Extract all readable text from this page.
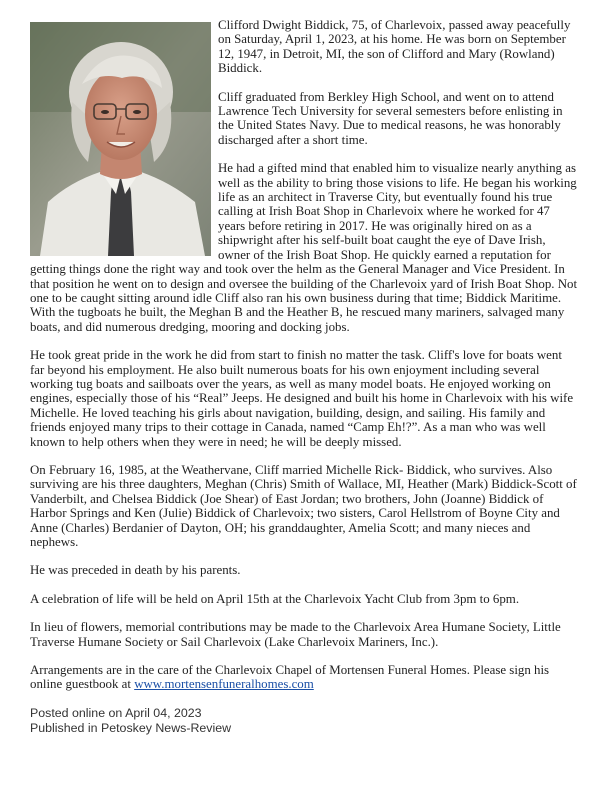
Clifford Dwight Biddick, 75, of Charlevoix, passed away peacefully on Saturday, April 1, 2023, at his home. He was born on September 12, 1947, in Detroit, MI, the son of Clifford and Mary (Rowland) Biddick.

Cliff graduated from Berkley High School, and went on to attend Lawrence Tech University for several semesters before enlisting in the United States Navy. Due to medical reasons, he was honorably discharged after a short time.

He had a gifted mind that enabled him to visualize nearly anything as well as the ability to bring those visions to life. He began his working life as an architect in Traverse City, but eventually found his true calling at Irish Boat Shop in Charlevoix where he worked for 47 years before retiring in 2017. He was originally hired on as a shipwright after his self-built boat caught the eye of Dave Irish, owner of the Irish Boat Shop. He quickly earned a reputation for getting things done the right way and took over the helm as the General Manager and Vice President. In that position he went on to design and oversee the building of the Charlevoix yard of Irish Boat Shop. Not one to be caught sitting around idle Cliff also ran his own business during that time; Biddick Maritime. With the tugboats he built, the Meghan B and the Heather B, he rescued many mariners, salvaged many boats, and did numerous dredging, mooring and docking jobs.

He took great pride in the work he did from start to finish no matter the task. Cliff's love for boats went far beyond his employment. He also built numerous boats for his own enjoyment including several working tug boats and sailboats over the years, as well as many model boats. He enjoyed working on engines, especially those of his “Real” Jeeps. He designed and built his home in Charlevoix with his wife Michelle. He loved teaching his girls about navigation, building, design, and sailing. His family and friends enjoyed many trips to their cottage in Canada, named “Camp Eh!?”. As a man who was well known to help others when they were in need; he will be deeply missed.

On February 16, 1985, at the Weathervane, Cliff married Michelle Rick- Biddick, who survives. Also surviving are his three daughters, Meghan (Chris) Smith of Wallace, MI, Heather (Mark) Biddick-Scott of Vanderbilt, and Chelsea Biddick (Joe Shear) of East Jordan; two brothers, John (Joanne) Biddick of Harbor Springs and Ken (Julie) Biddick of Charlevoix; two sisters, Carol Hellstrom of Boyne City and Anne (Charles) Berdanier of Dayton, OH; his granddaughter, Amelia Scott; and many nieces and nephews.

He was preceded in death by his parents.

A celebration of life will be held on April 15th at the Charlevoix Yacht Club from 3pm to 6pm.

In lieu of flowers, memorial contributions may be made to the Charlevoix Area Humane Society, Little Traverse Humane Society or Sail Charlevoix (Lake Charlevoix Mariners, Inc.).

Arrangements are in the care of the Charlevoix Chapel of Mortensen Funeral Homes. Please sign his online guestbook at www.mortensenfuneralhomes.com

Posted online on April 04, 2023
Published in Petoskey News-Review
